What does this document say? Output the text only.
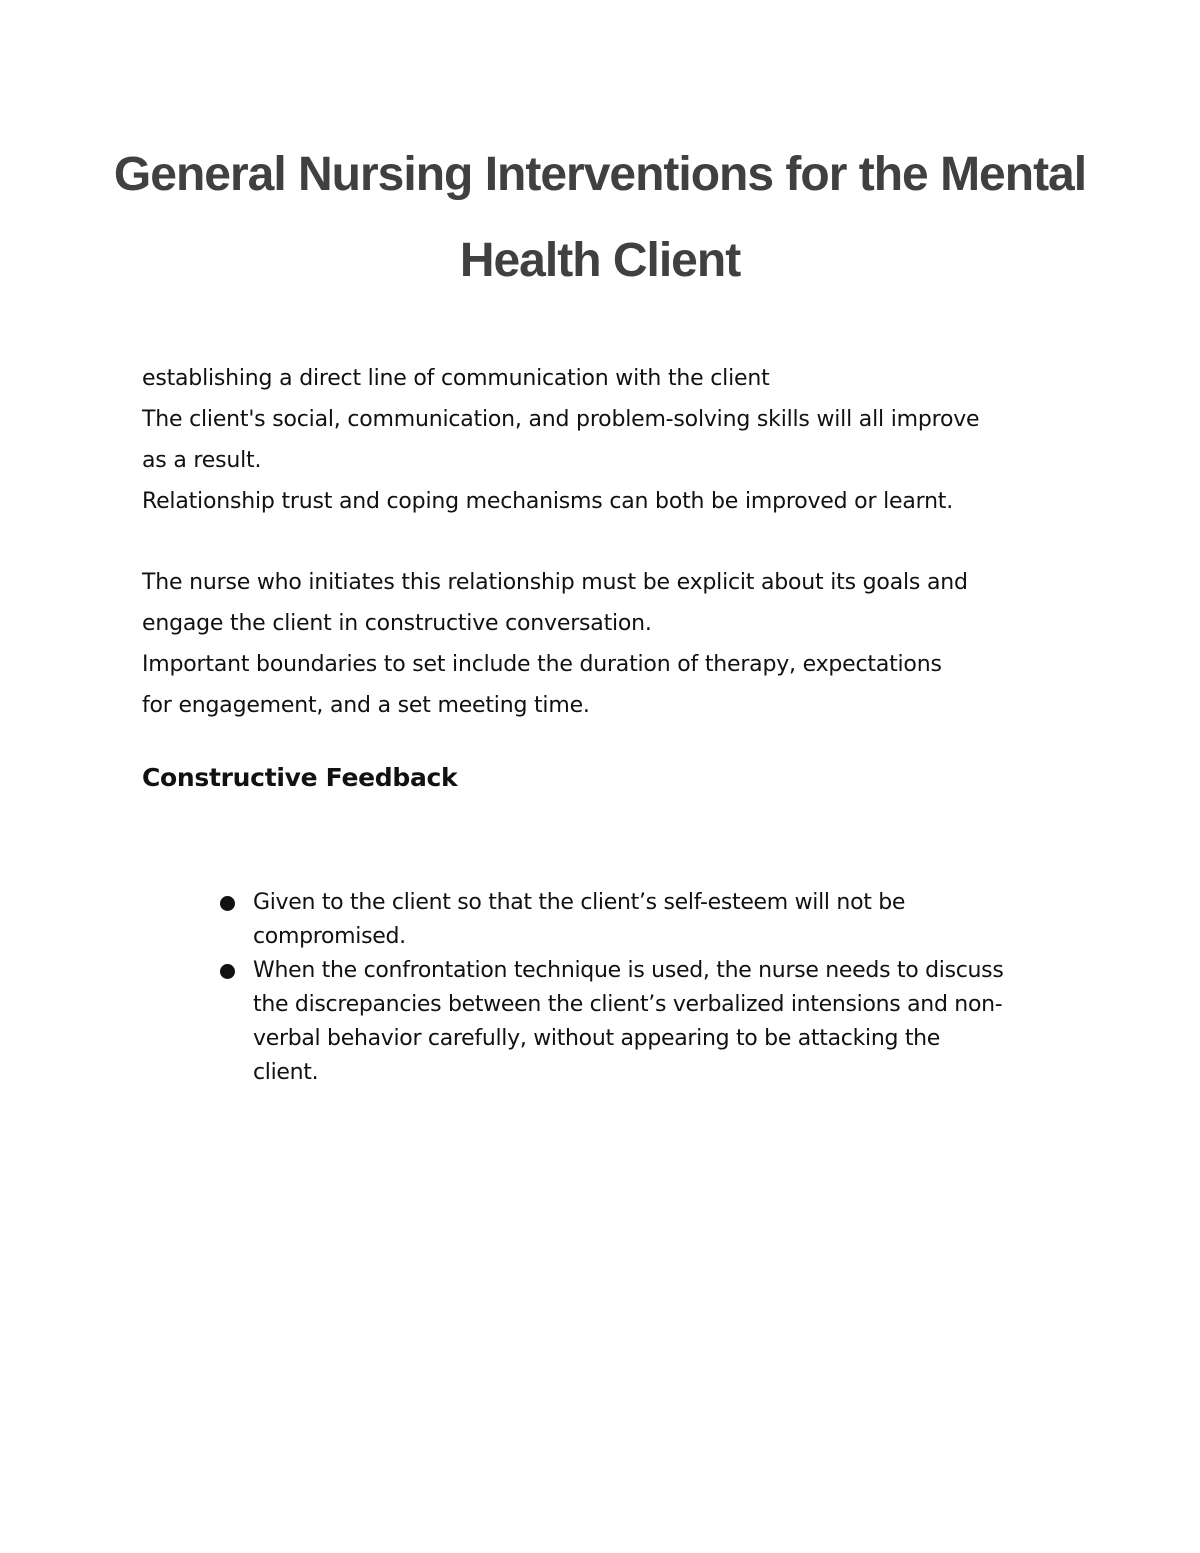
General Nursing Interventions for the Mental
Health Client
establishing a direct line of communication with the client
The client's social, communication, and problem-solving skills will all improve
as a result.
Relationship trust and coping mechanisms can both be improved or learnt.
The nurse who initiates this relationship must be explicit about its goals and
engage the client in constructive conversation.
Important boundaries to set include the duration of therapy, expectations
for engagement, and a set meeting time.
Constructive Feedback
Given to the client so that the client’s self-esteem will not be
compromised.
When the confrontation technique is used, the nurse needs to discuss
the discrepancies between the client’s verbalized intensions and non-
verbal behavior carefully, without appearing to be attacking the
client.
